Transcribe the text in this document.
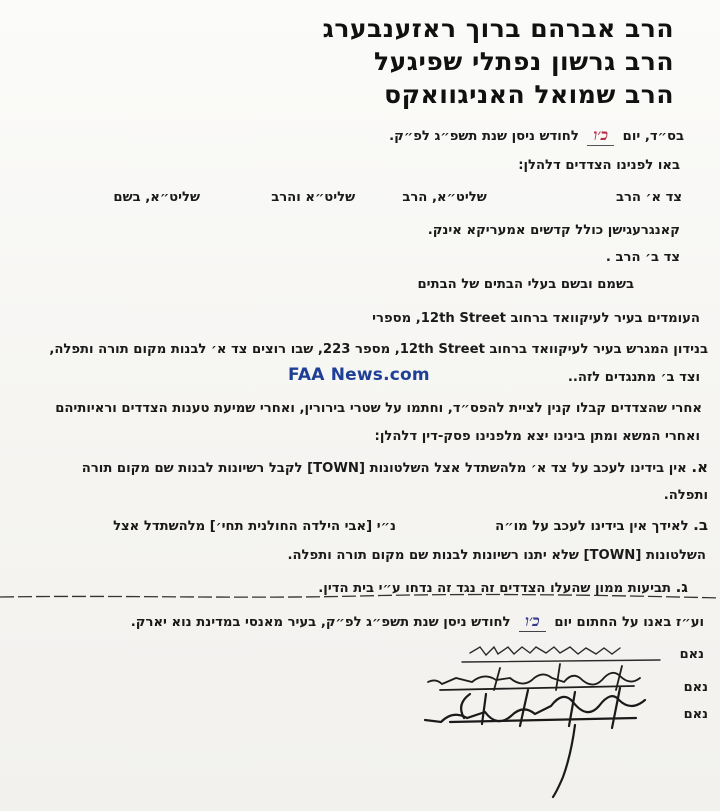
הרב אברהם ברוך ראזענבערג
הרב גרשון נפתלי שפיגעל
הרב שמואל האניגוואקס
בס״ד, יום כ׳ו לחודש ניסן שנת תשפ״ג לפ״ק.
באו לפנינו הצדדים דלהלן:
צד א׳ הרב  שליט״א, הרב  שליט״א והרב  שליט״א, בשם
קאנגרעגישן כולל קדשים אמעריקא אינק.
צד ב׳ הרב .
בשמם ובשם בעלי הבתים של הבתים
העומדים בעיר לעיקוואד ברחוב 12th Street, מספרי
בנידון המגרש בעיר לעיקוואד ברחוב 12th Street, מספר 223, שבו רוצים צד א׳ לבנות מקום תורה ותפלה,
FAA News.com	וצד ב׳ מתנגדים לזה..
אחרי שהצדדים קבלו קנין לציית להפס״ד, וחתמו על שטרי בירורין, ואחרי שמיעת טענות הצדדים וראיותיהם
ואחרי המשא ומתן בינינו יצא מלפנינו פסק-דין דלהלן:
א. אין בידינו לעכב על צד א׳ מלהשתדל אצל השלטונות [TOWN] לקבל רשיונות לבנות שם מקום תורה
ותפלה.
ב. לאידך אין בידינו לעכב על מו״ה  נ״י [אבי הילדה החולנית תחי׳] מלהשתדל אצל
השלטונות [TOWN] שלא יתנו רשיונות לבנות שם מקום תורה ותפלה.
ג. תביעות ממון שהעלו הצדדים זה נגד זה נדחו ע״י בית הדין.
וע״ז באנו על החתום יום כ׳ו לחודש ניסן שנת תשפ״ג לפ״ק, בעיר מאנסי במדינת נוא יארק.
נאם
נאם
נאם
